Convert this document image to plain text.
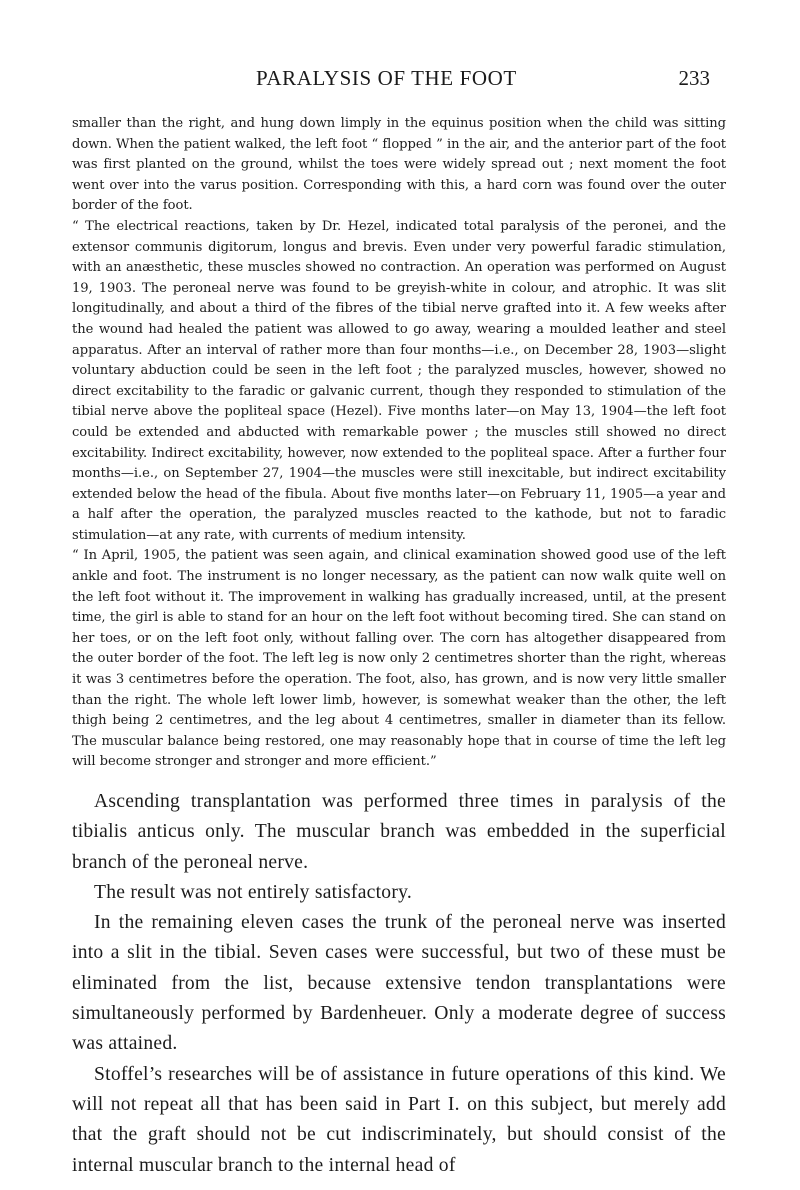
PARALYSIS OF THE FOOT	233

smaller than the right, and hung down limply in the equinus position when the child was sitting down. When the patient walked, the left foot “ flopped ” in the air, and the anterior part of the foot was first planted on the ground, whilst the toes were widely spread out ; next moment the foot went over into the varus position. Corresponding with this, a hard corn was found over the outer border of the foot.

“ The electrical reactions, taken by Dr. Hezel, indicated total paralysis of the peronei, and the extensor communis digitorum, longus and brevis. Even under very powerful faradic stimulation, with an anæsthetic, these muscles showed no contraction. An operation was performed on August 19, 1903. The peroneal nerve was found to be greyish-white in colour, and atrophic. It was slit longitudinally, and about a third of the fibres of the tibial nerve grafted into it. A few weeks after the wound had healed the patient was allowed to go away, wearing a moulded leather and steel apparatus. After an interval of rather more than four months—i.e., on December 28, 1903—slight voluntary abduction could be seen in the left foot ; the paralyzed muscles, however, showed no direct excitability to the faradic or galvanic current, though they responded to stimulation of the tibial nerve above the popliteal space (Hezel). Five months later—on May 13, 1904—the left foot could be extended and abducted with remarkable power ; the muscles still showed no direct excitability. Indirect excitability, however, now extended to the popliteal space. After a further four months—i.e., on September 27, 1904—the muscles were still inexcitable, but indirect excitability extended below the head of the fibula. About five months later—on February 11, 1905—a year and a half after the operation, the paralyzed muscles reacted to the kathode, but not to faradic stimulation—at any rate, with currents of medium intensity.

“ In April, 1905, the patient was seen again, and clinical examination showed good use of the left ankle and foot. The instrument is no longer necessary, as the patient can now walk quite well on the left foot without it. The improvement in walking has gradually increased, until, at the present time, the girl is able to stand for an hour on the left foot without becoming tired. She can stand on her toes, or on the left foot only, without falling over. The corn has altogether disappeared from the outer border of the foot. The left leg is now only 2 centimetres shorter than the right, whereas it was 3 centimetres before the operation. The foot, also, has grown, and is now very little smaller than the right. The whole left lower limb, however, is somewhat weaker than the other, the left thigh being 2 centimetres, and the leg about 4 centimetres, smaller in diameter than its fellow. The muscular balance being restored, one may reasonably hope that in course of time the left leg will become stronger and stronger and more efficient.”

Ascending transplantation was performed three times in paralysis of the tibialis anticus only. The muscular branch was embedded in the superficial branch of the peroneal nerve.

The result was not entirely satisfactory.

In the remaining eleven cases the trunk of the peroneal nerve was inserted into a slit in the tibial. Seven cases were successful, but two of these must be eliminated from the list, because extensive tendon transplantations were simultaneously performed by Bardenheuer. Only a moderate degree of success was attained.

Stoffel’s researches will be of assistance in future operations of this kind. We will not repeat all that has been said in Part I. on this subject, but merely add that the graft should not be cut indiscriminately, but should consist of the internal muscular branch to the internal head of
